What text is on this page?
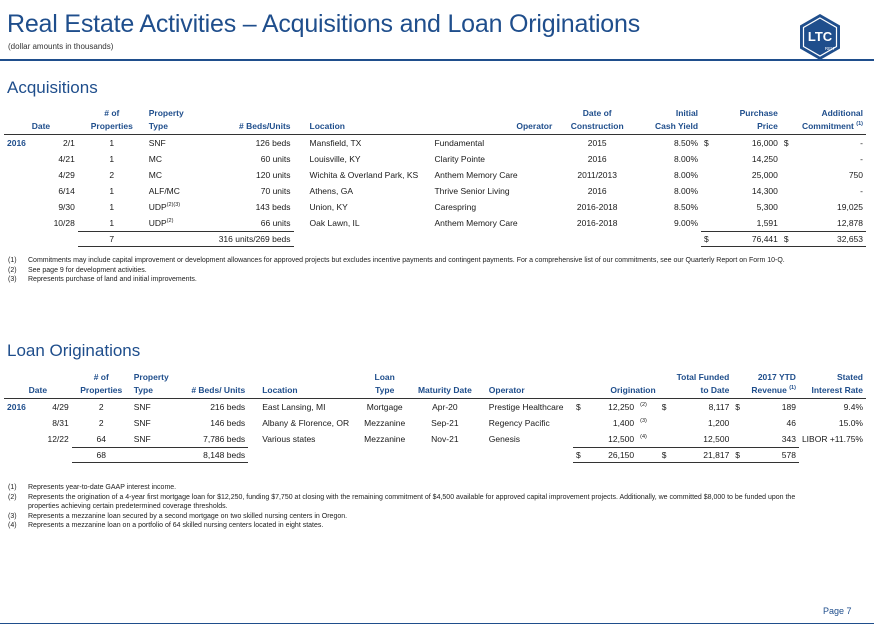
Real Estate Activities – Acquisitions and Loan Originations
(dollar amounts in thousands)
LTC
REIT
Acquisitions
		# of	Property				Date of	Initial		Purchase		Additional
Date		Properties	Type	# Beds/Units	Location	Operator	Construction	Cash Yield		Price		Commitment $^{(1)}$
2016	2/1	1	SNF	126 beds	Mansfield, TX	Fundamental	2015	8.50%	$	16,000	$	-
	4/21	1	MC	60 units	Louisville, KY	Clarity Pointe	2016	8.00%		14,250		-
	4/29	2	MC	120 units	Wichita & Overland Park, KS	Anthem Memory Care	2011/2013	8.00%		25,000		750
	6/14	1	ALF/MC	70 units	Athens, GA	Thrive Senior Living	2016	8.00%		14,300		-
	9/30	1	$UDP^{(2)(3)}$	143 beds	Union, KY	Carespring	2016-2018	8.50%		5,300		19,025
	10/28	1	UDP$^{(2)}$	66 units	Oak Lawn, IL	Anthem Memory Care	2016-2018	9.00%		1,591		12,878
		7		316 units/269 beds					$	76,441	$	32,653
(1)	Commitments may include capital improvement or development allowances for approved projects but excludes incentive payments and contingent payments. For a comprehensive list of our commitments, see our Quarterly Report on Form 10-Q.
(2)	See page 9 for development activities.
(3)	Represents purchase of land and initial improvements.
Loan Originations
		# of	Property			Loan							Total Funded		2017 YTD	Stated
Date		Properties	Type	# Beds/ Units	Location	Type	Maturity Date	Operator	Origination				to Date		Revenue $^{(1)}$	Interest Rate
2016	4/29	2	SNF	216 beds	East Lansing, MI	Mortgage	Apr-20	Prestige Healthcare	$	12,250	$^{(2)}$	$	8,117	$	189	9.4%
	8/31	2	SNF	146 beds	Albany & Florence, OR	Mezzanine	Sep-21	Regency Pacific		1,400	$^{(3)}$		1,200		46	15.0%
	12/22	64	SNF	7,786 beds	Various states	Mezzanine	Nov-21	Genesis		12,500	$^{(4)}$		12,500		343	LIBOR +11.75%
		68		8,148 beds					$	26,150		$	21,817	$	578	
(1)	Represents year-to-date GAAP interest income.
(2)	Represents the origination of a 4-year first mortgage loan for $12,250, funding $7,750 at closing with the remaining commitment of $4,500 available for approved capital improvement projects. Additionally, we committed $8,000 to be funded upon the properties achieving certain predetermined coverage thresholds.
(3)	Represents a mezzanine loan secured by a second mortgage on two skilled nursing centers in Oregon.
(4)	Represents a mezzanine loan on a portfolio of 64 skilled nursing centers located in eight states.
Page 7
